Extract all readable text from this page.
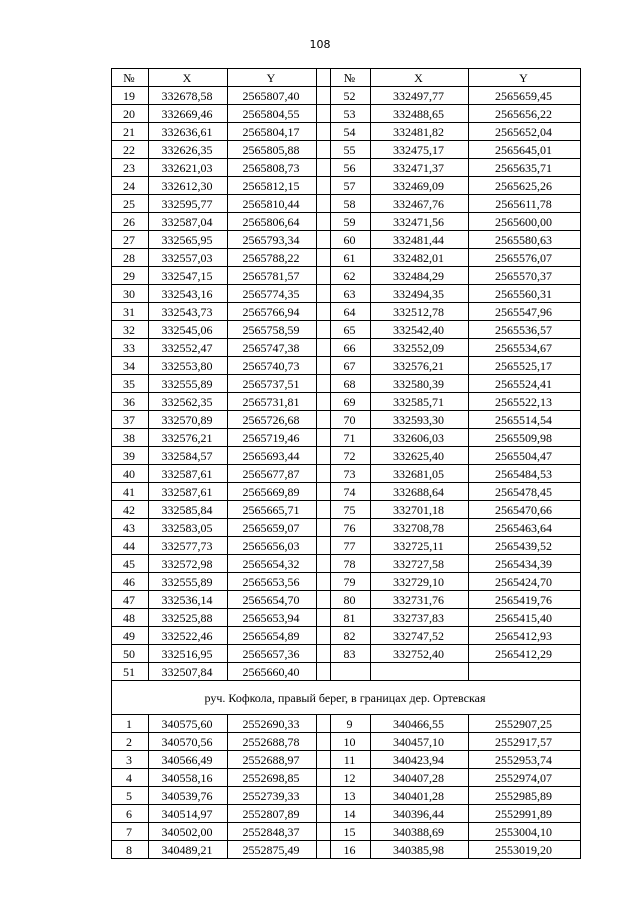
108
№	X	Y		№	X	Y
19	332678,58	2565807,40		52	332497,77	2565659,45
20	332669,46	2565804,55		53	332488,65	2565656,22
21	332636,61	2565804,17		54	332481,82	2565652,04
22	332626,35	2565805,88		55	332475,17	2565645,01
23	332621,03	2565808,73		56	332471,37	2565635,71
24	332612,30	2565812,15		57	332469,09	2565625,26
25	332595,77	2565810,44		58	332467,76	2565611,78
26	332587,04	2565806,64		59	332471,56	2565600,00
27	332565,95	2565793,34		60	332481,44	2565580,63
28	332557,03	2565788,22		61	332482,01	2565576,07
29	332547,15	2565781,57		62	332484,29	2565570,37
30	332543,16	2565774,35		63	332494,35	2565560,31
31	332543,73	2565766,94		64	332512,78	2565547,96
32	332545,06	2565758,59		65	332542,40	2565536,57
33	332552,47	2565747,38		66	332552,09	2565534,67
34	332553,80	2565740,73		67	332576,21	2565525,17
35	332555,89	2565737,51		68	332580,39	2565524,41
36	332562,35	2565731,81		69	332585,71	2565522,13
37	332570,89	2565726,68		70	332593,30	2565514,54
38	332576,21	2565719,46		71	332606,03	2565509,98
39	332584,57	2565693,44		72	332625,40	2565504,47
40	332587,61	2565677,87		73	332681,05	2565484,53
41	332587,61	2565669,89		74	332688,64	2565478,45
42	332585,84	2565665,71		75	332701,18	2565470,66
43	332583,05	2565659,07		76	332708,78	2565463,64
44	332577,73	2565656,03		77	332725,11	2565439,52
45	332572,98	2565654,32		78	332727,58	2565434,39
46	332555,89	2565653,56		79	332729,10	2565424,70
47	332536,14	2565654,70		80	332731,76	2565419,76
48	332525,88	2565653,94		81	332737,83	2565415,40
49	332522,46	2565654,89		82	332747,52	2565412,93
50	332516,95	2565657,36		83	332752,40	2565412,29
51	332507,84	2565660,40				
руч. Кофкола, правый берег, в границах дер. Ортевская						
1	340575,60	2552690,33		9	340466,55	2552907,25
2	340570,56	2552688,78		10	340457,10	2552917,57
3	340566,49	2552688,97		11	340423,94	2552953,74
4	340558,16	2552698,85		12	340407,28	2552974,07
5	340539,76	2552739,33		13	340401,28	2552985,89
6	340514,97	2552807,89		14	340396,44	2552991,89
7	340502,00	2552848,37		15	340388,69	2553004,10
8	340489,21	2552875,49		16	340385,98	2553019,20
